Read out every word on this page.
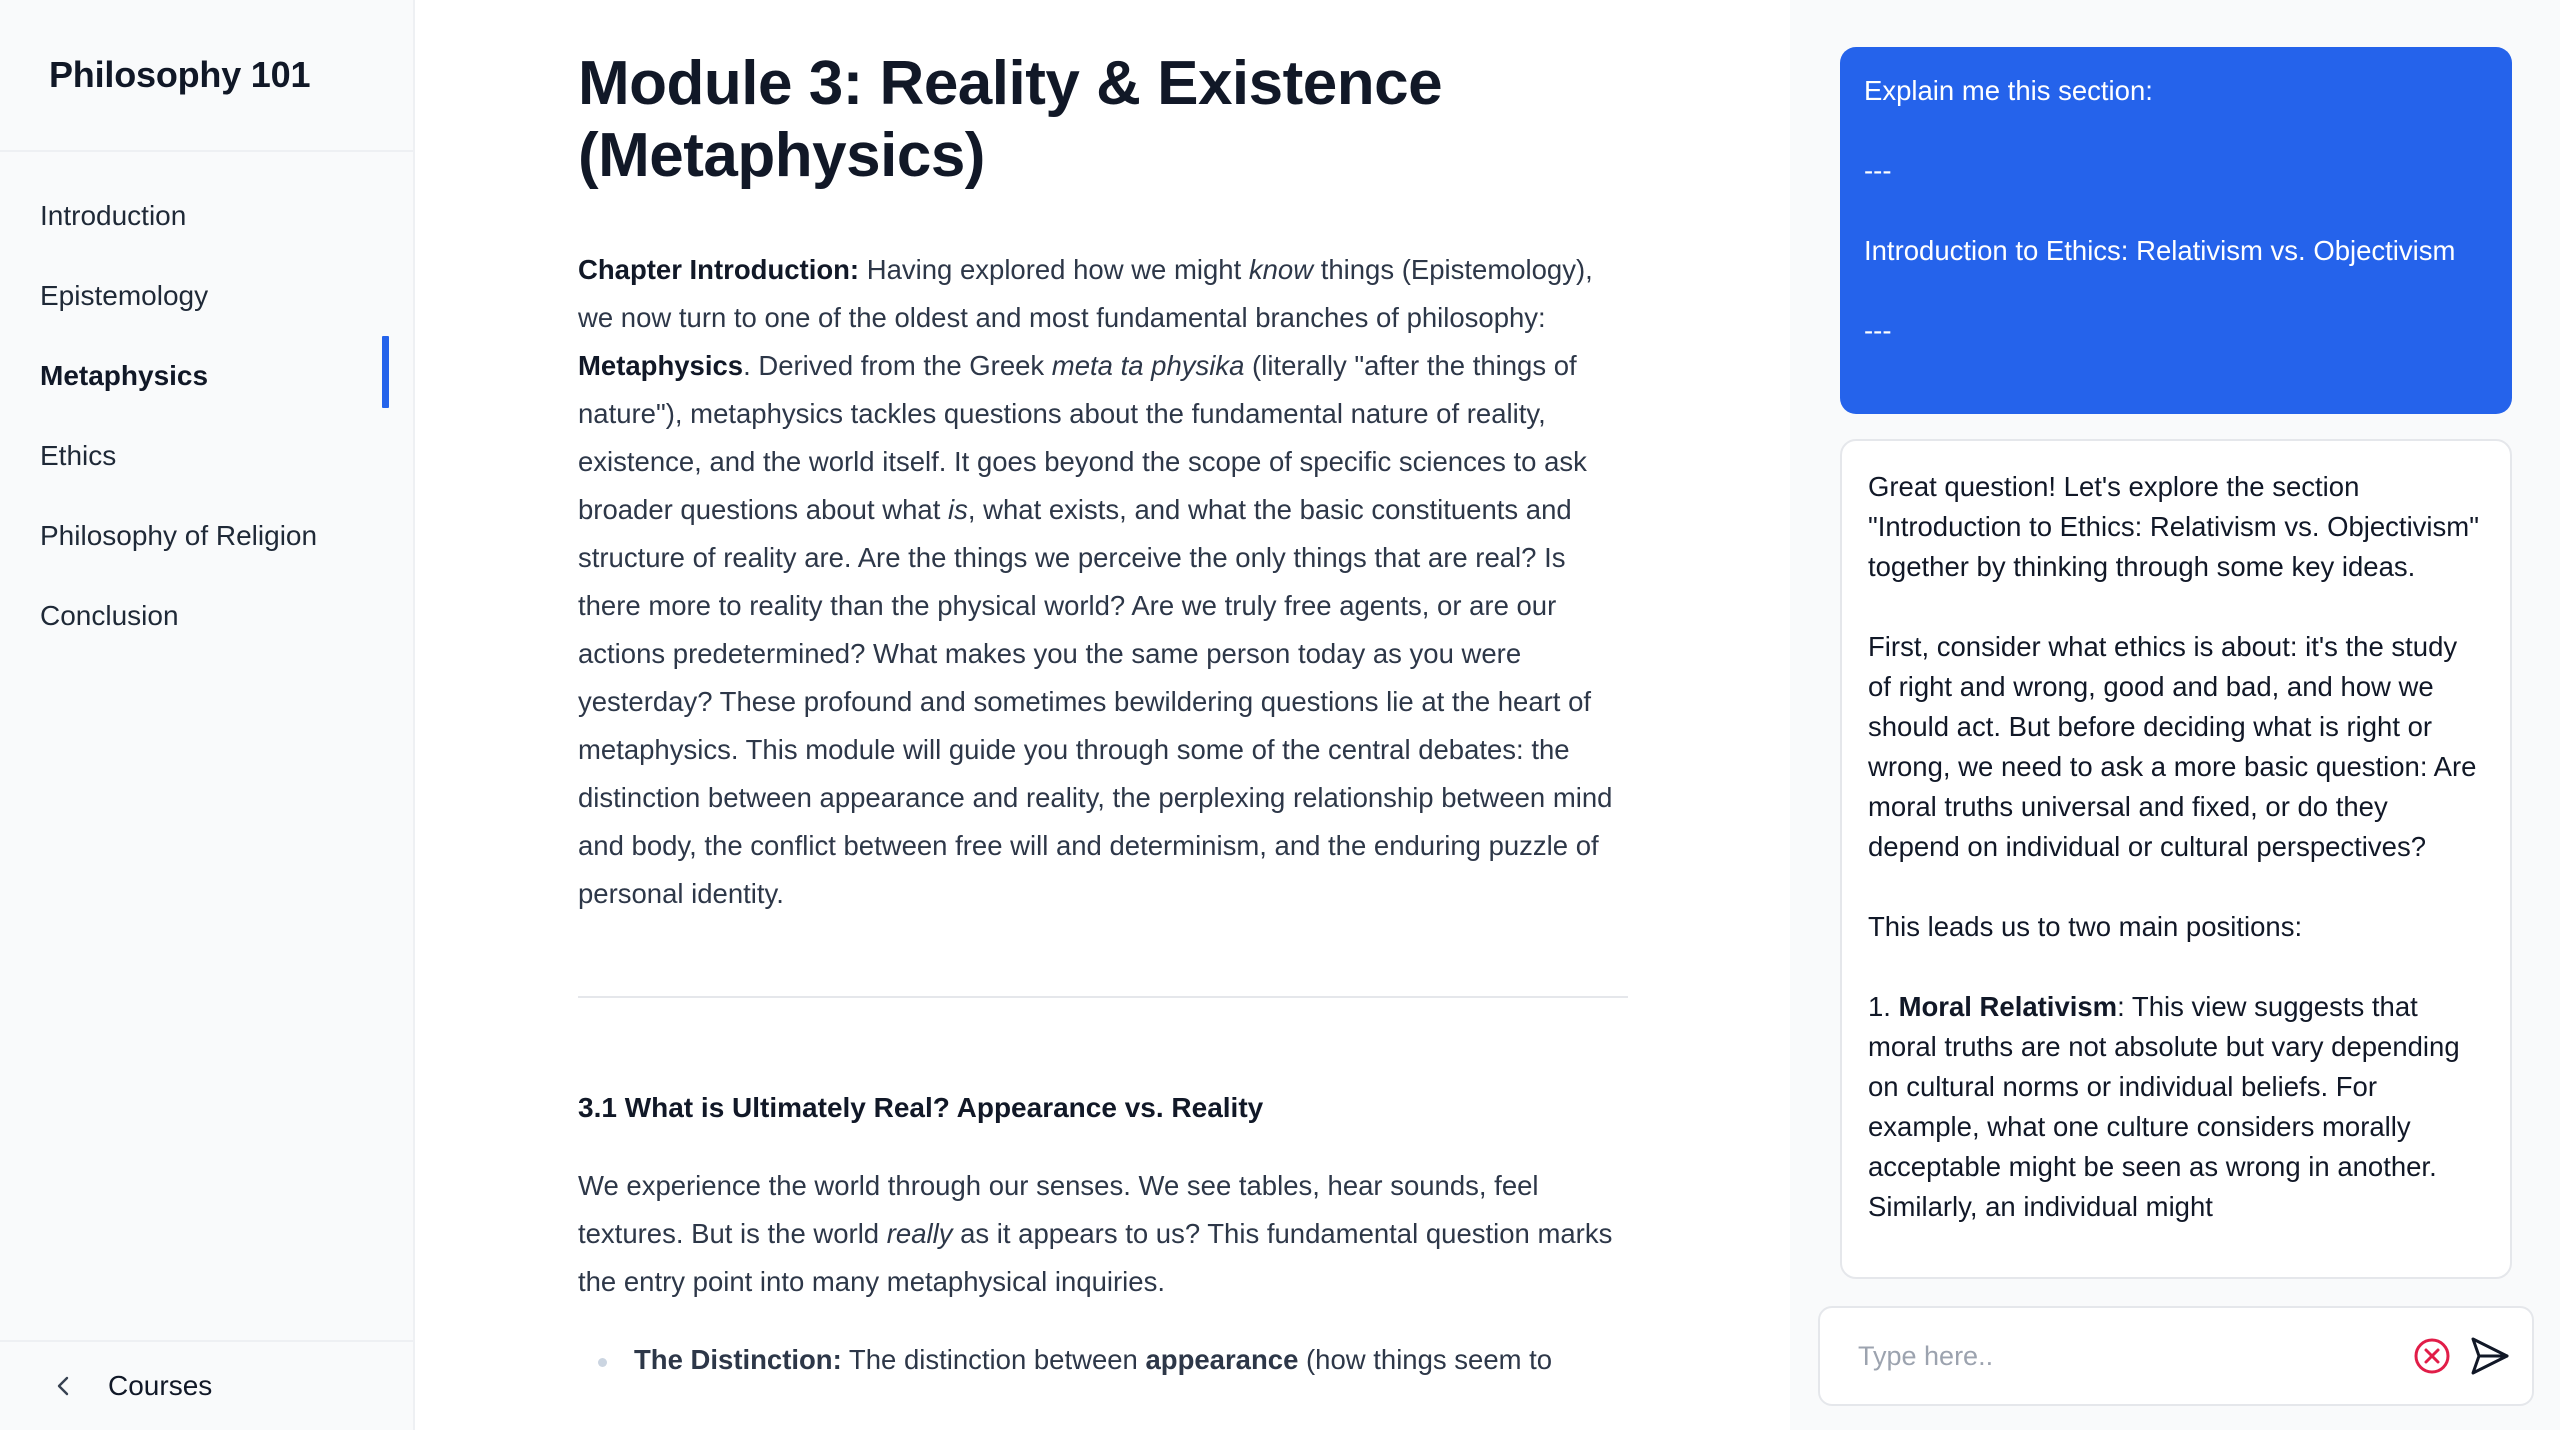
Philosophy 101
Introduction
Epistemology
Metaphysics
Ethics
Philosophy of Religion
Conclusion
Courses
Module 3: Reality & Existence (Metaphysics)

Chapter Introduction: Having explored how we might know things (Epistemology), we now turn to one of the oldest and most fundamental branches of philosophy: Metaphysics. Derived from the Greek meta ta physika (literally "after the things of nature"), metaphysics tackles questions about the fundamental nature of reality, existence, and the world itself. It goes beyond the scope of specific sciences to ask broader questions about what is, what exists, and what the basic constituents and structure of reality are. Are the things we perceive the only things that are real? Is there more to reality than the physical world? Are we truly free agents, or are our actions predetermined? What makes you the same person today as you were yesterday? These profound and sometimes bewildering questions lie at the heart of metaphysics. This module will guide you through some of the central debates: the distinction between appearance and reality, the perplexing relationship between mind and body, the conflict between free will and determinism, and the enduring puzzle of personal identity.

3.1 What is Ultimately Real? Appearance vs. Reality

We experience the world through our senses. We see tables, hear sounds, feel textures. But is the world really as it appears to us? This fundamental question marks the entry point into many metaphysical inquiries.

The Distinction: The distinction between appearance (how things seem to

Explain me this section:

---

Introduction to Ethics: Relativism vs. Objectivism

---

Great question! Let's explore the section "Introduction to Ethics: Relativism vs. Objectivism" together by thinking through some key ideas.

First, consider what ethics is about: it's the study of right and wrong, good and bad, and how we should act. But before deciding what is right or wrong, we need to ask a more basic question: Are moral truths universal and fixed, or do they depend on individual or cultural perspectives?

This leads us to two main positions:

1. Moral Relativism: This view suggests that moral truths are not absolute but vary depending on cultural norms or individual beliefs. For example, what one culture considers morally acceptable might be seen as wrong in another. Similarly, an individual might

Type here..
